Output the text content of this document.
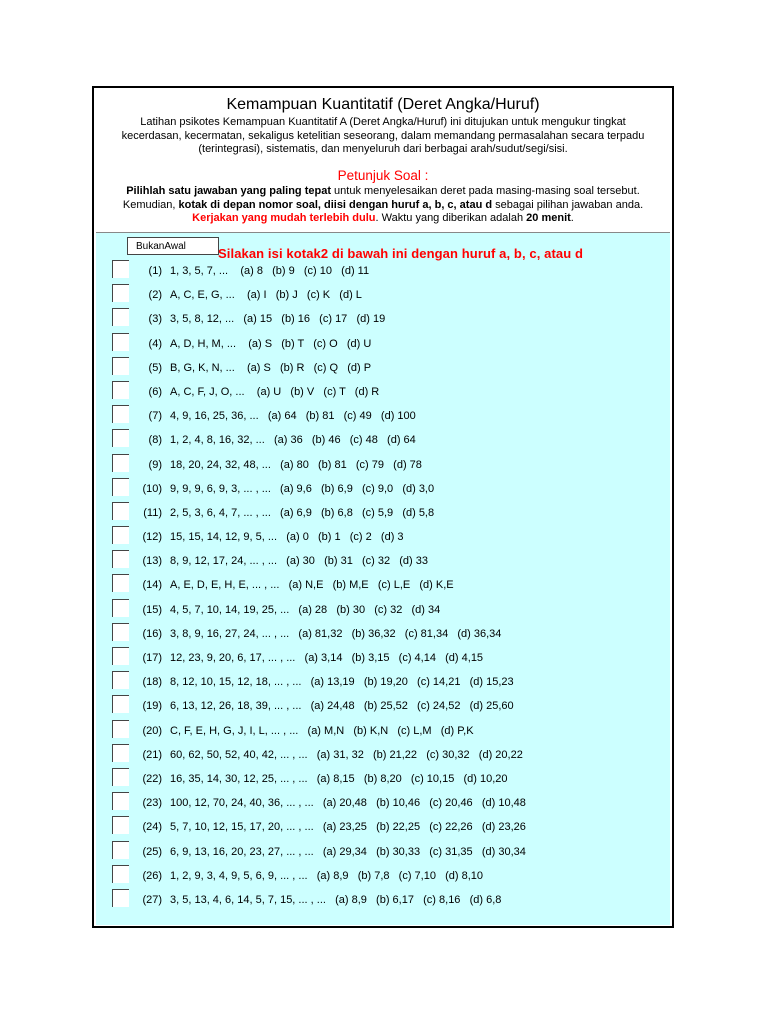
Kemampuan Kuantitatif (Deret Angka/Huruf)
Latihan psikotes Kemampuan Kuantitatif A (Deret Angka/Huruf) ini ditujukan untuk mengukur tingkat
kecerdasan, kecermatan, sekaligus ketelitian seseorang, dalam memandang permasalahan secara terpadu
(terintegrasi), sistematis, dan menyeluruh dari berbagai arah/sudut/segi/sisi.
Petunjuk Soal :
Pilihlah satu jawaban yang paling tepat untuk menyelesaikan deret pada masing-masing soal tersebut.
Kemudian, kotak di depan nomor soal, diisi dengan huruf a, b, c, atau d sebagai pilihan jawaban anda.
Kerjakan yang mudah terlebih dulu. Waktu yang diberikan adalah 20 menit.
BukanAwal	Silakan isi kotak2 di bawah ini dengan huruf a, b, c, atau d
(1) 1, 3, 5, 7, ...    (a) 8   (b) 9   (c) 10   (d) 11
(2) A, C, E, G, ...    (a) I   (b) J   (c) K   (d) L
(3) 3, 5, 8, 12, ...   (a) 15   (b) 16   (c) 17   (d) 19
(4) A, D, H, M, ...    (a) S   (b) T   (c) O   (d) U
(5) B, G, K, N, ...    (a) S   (b) R   (c) Q   (d) P
(6) A, C, F, J, O, ...    (a) U   (b) V   (c) T   (d) R
(7) 4, 9, 16, 25, 36, ...   (a) 64   (b) 81   (c) 49   (d) 100
(8) 1, 2, 4, 8, 16, 32, ...   (a) 36   (b) 46   (c) 48   (d) 64
(9) 18, 20, 24, 32, 48, ...   (a) 80   (b) 81   (c) 79   (d) 78
(10) 9, 9, 9, 6, 9, 3, ... , ...   (a) 9,6   (b) 6,9   (c) 9,0   (d) 3,0
(11) 2, 5, 3, 6, 4, 7, ... , ...   (a) 6,9   (b) 6,8   (c) 5,9   (d) 5,8
(12) 15, 15, 14, 12, 9, 5, ...   (a) 0   (b) 1   (c) 2   (d) 3
(13) 8, 9, 12, 17, 24, ... , ...   (a) 30   (b) 31   (c) 32   (d) 33
(14) A, E, D, E, H, E, ... , ...   (a) N,E   (b) M,E   (c) L,E   (d) K,E
(15) 4, 5, 7, 10, 14, 19, 25, ...   (a) 28   (b) 30   (c) 32   (d) 34
(16) 3, 8, 9, 16, 27, 24, ... , ...   (a) 81,32   (b) 36,32   (c) 81,34   (d) 36,34
(17) 12, 23, 9, 20, 6, 17, ... , ...   (a) 3,14   (b) 3,15   (c) 4,14   (d) 4,15
(18) 8, 12, 10, 15, 12, 18, ... , ...   (a) 13,19   (b) 19,20   (c) 14,21   (d) 15,23
(19) 6, 13, 12, 26, 18, 39, ... , ...   (a) 24,48   (b) 25,52   (c) 24,52   (d) 25,60
(20) C, F, E, H, G, J, I, L, ... , ...   (a) M,N   (b) K,N   (c) L,M   (d) P,K
(21) 60, 62, 50, 52, 40, 42, ... , ...   (a) 31, 32   (b) 21,22   (c) 30,32   (d) 20,22
(22) 16, 35, 14, 30, 12, 25, ... , ...   (a) 8,15   (b) 8,20   (c) 10,15   (d) 10,20
(23) 100, 12, 70, 24, 40, 36, ... , ...   (a) 20,48   (b) 10,46   (c) 20,46   (d) 10,48
(24) 5, 7, 10, 12, 15, 17, 20, ... , ...   (a) 23,25   (b) 22,25   (c) 22,26   (d) 23,26
(25) 6, 9, 13, 16, 20, 23, 27, ... , ...   (a) 29,34   (b) 30,33   (c) 31,35   (d) 30,34
(26) 1, 2, 9, 3, 4, 9, 5, 6, 9, ... , ...   (a) 8,9   (b) 7,8   (c) 7,10   (d) 8,10
(27) 3, 5, 13, 4, 6, 14, 5, 7, 15, ... , ...   (a) 8,9   (b) 6,17   (c) 8,16   (d) 6,8
